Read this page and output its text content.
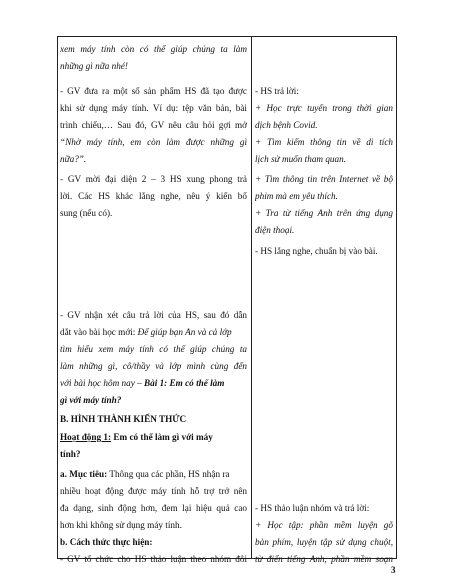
xem máy tính còn có thể giúp chúng ta làm
những gì nữa nhé!
- GV đưa ra một số sản phẩm HS đã tạo được
khi sử dụng máy tính. Ví dụ: tệp văn bản, bài
trình chiếu,… Sau đó, GV nêu câu hỏi gợi mở
“Nhờ máy tính, em còn làm được những gì
nữa?”.
- GV mời đại diện 2 – 3 HS xung phong trả
lời. Các HS khác lắng nghe, nêu ý kiến bổ
sung (nếu có).
- GV nhận xét câu trả lời của HS, sau đó dẫn
dắt vào bài học mới: Để giúp bạn An và cả lớp
tìm hiểu xem máy tính có thể giúp chúng ta
làm những gì, cô/thầy và lớp mình cùng đến
với bài học hôm nay – Bài 1: Em có thể làm
gì với máy tính?
B. HÌNH THÀNH KIẾN THỨC
Hoạt động 1: Em có thể làm gì với máy
tính?
a. Mục tiêu: Thông qua các phần, HS nhận ra
nhiều hoạt động được máy tính hỗ trợ trở nên
đa dạng, sinh động hơn, đem lại hiệu quả cao
hơn khi không sử dụng máy tính.
b. Cách thức thực hiện:
- GV tổ chức cho HS thảo luận theo nhóm đôi
- HS trả lời:
+ Học trực tuyến trong thời gian
dịch bệnh Covid.
+ Tìm kiếm thông tin về di tích
lịch sử muốn tham quan.
+ Tìm thông tin trên Internet về bộ
phim mà em yêu thích.
+ Tra từ tiếng Anh trên ứng dụng
điện thoại.
- HS lắng nghe, chuẩn bị vào bài.
- HS thảo luận nhóm và trả lời:
+ Học tập: phần mềm luyện gõ
bàn phím, luyện tập sử dụng chuột,
từ điển tiếng Anh, phần mềm soạn
3
